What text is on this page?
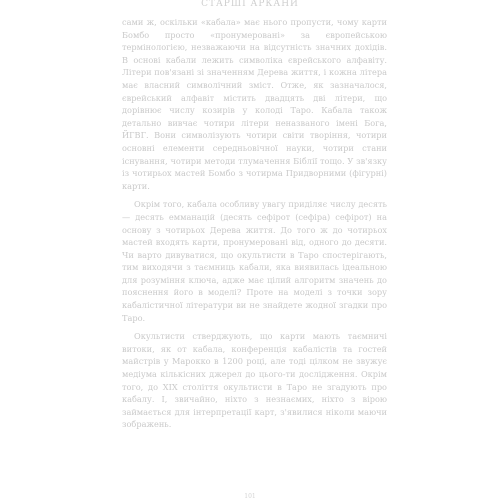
СТАРШІ АРКАНИ

сами ж, оскільки «кабала» має нього пропусти, чому карти Бомбо просто «пронумеровані» за європейською термінологією, незважаючи на відсутність значних дохідів. В основі кабали лежить символіка єврейського алфавіту. Літери пов'язані зі значенням Дерева життя, і кожна літера має власний символічний зміст. Отже, як зазначалося, єврейський алфавіт містить двадцять дві літери, що дорівнює числу козирів у колоді Таро. Кабала також детально вивчає чотири літери неназваного імені Бога, ЙГВГ. Вони символізують чотири світи творіння, чотири основні елементи середньовічної науки, чотири стани існування, чотири методи тлумачення Біблії тощо. У зв'язку із чотирьох мастей Бомбо з чотирма Придворними (фігурні) карти.

Окрім того, кабала особливу увагу приділяє числу десять — десять емманацій (десять сефірот (сефіра) сефірот) на основу з чотирьох Дерева життя. До того ж до чотирьох мастей входять карти, пронумеровані від, одного до десяти. Чи варто дивуватися, що окультисти в Таро спостерігають, тим виходячи з таємниць кабали, яка виявилась ідеальною для розуміння ключа, адже має цілий алгоритм значень до пояснення його в моделі? Проте на моделі з точки зору кабалістичної літератури ви не знайдете жодної згадки про Таро.

Окультисти стверджують, що карти мають таємничі витоки, як от кабала, конференція кабалістів та гостей майстрів у Марокко в 1200 році, але тоді цілком не звужує медіума кількісних джерел до цього-ти дослідження. Окрім того, до XIX століття окультисти в Таро не згадують про кабалу. І, звичайно, ніхто з незнаємих, ніхто з вірою займається для інтерпретації карт, з'явилися ніколи маючи зображень.

101
